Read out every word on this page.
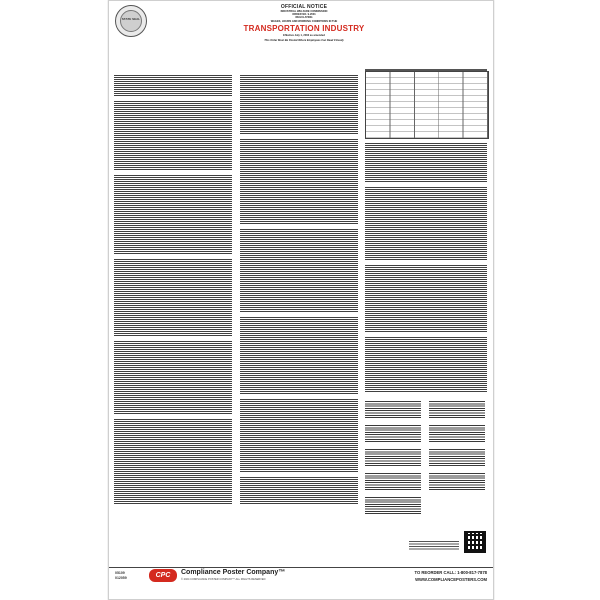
STATE SEAL
OFFICIAL NOTICE
INDUSTRIAL WELFARE COMMISSION
ORDER NO. 9-2001
REGULATING
WAGES, HOURS AND WORKING CONDITIONS IN THE
TRANSPORTATION INDUSTRY
Effective July 1, 2002 as amended
This Order Must Be Posted Where Employees Can Read It Easily
05109
012059	CPC	Compliance Poster Company™
© 2024 COMPLIANCE POSTER COMPANY™ ALL RIGHTS RESERVED
TO REORDER CALL: 1-800-817-7878
WWW.COMPLIANCEPOSTERS.COM
